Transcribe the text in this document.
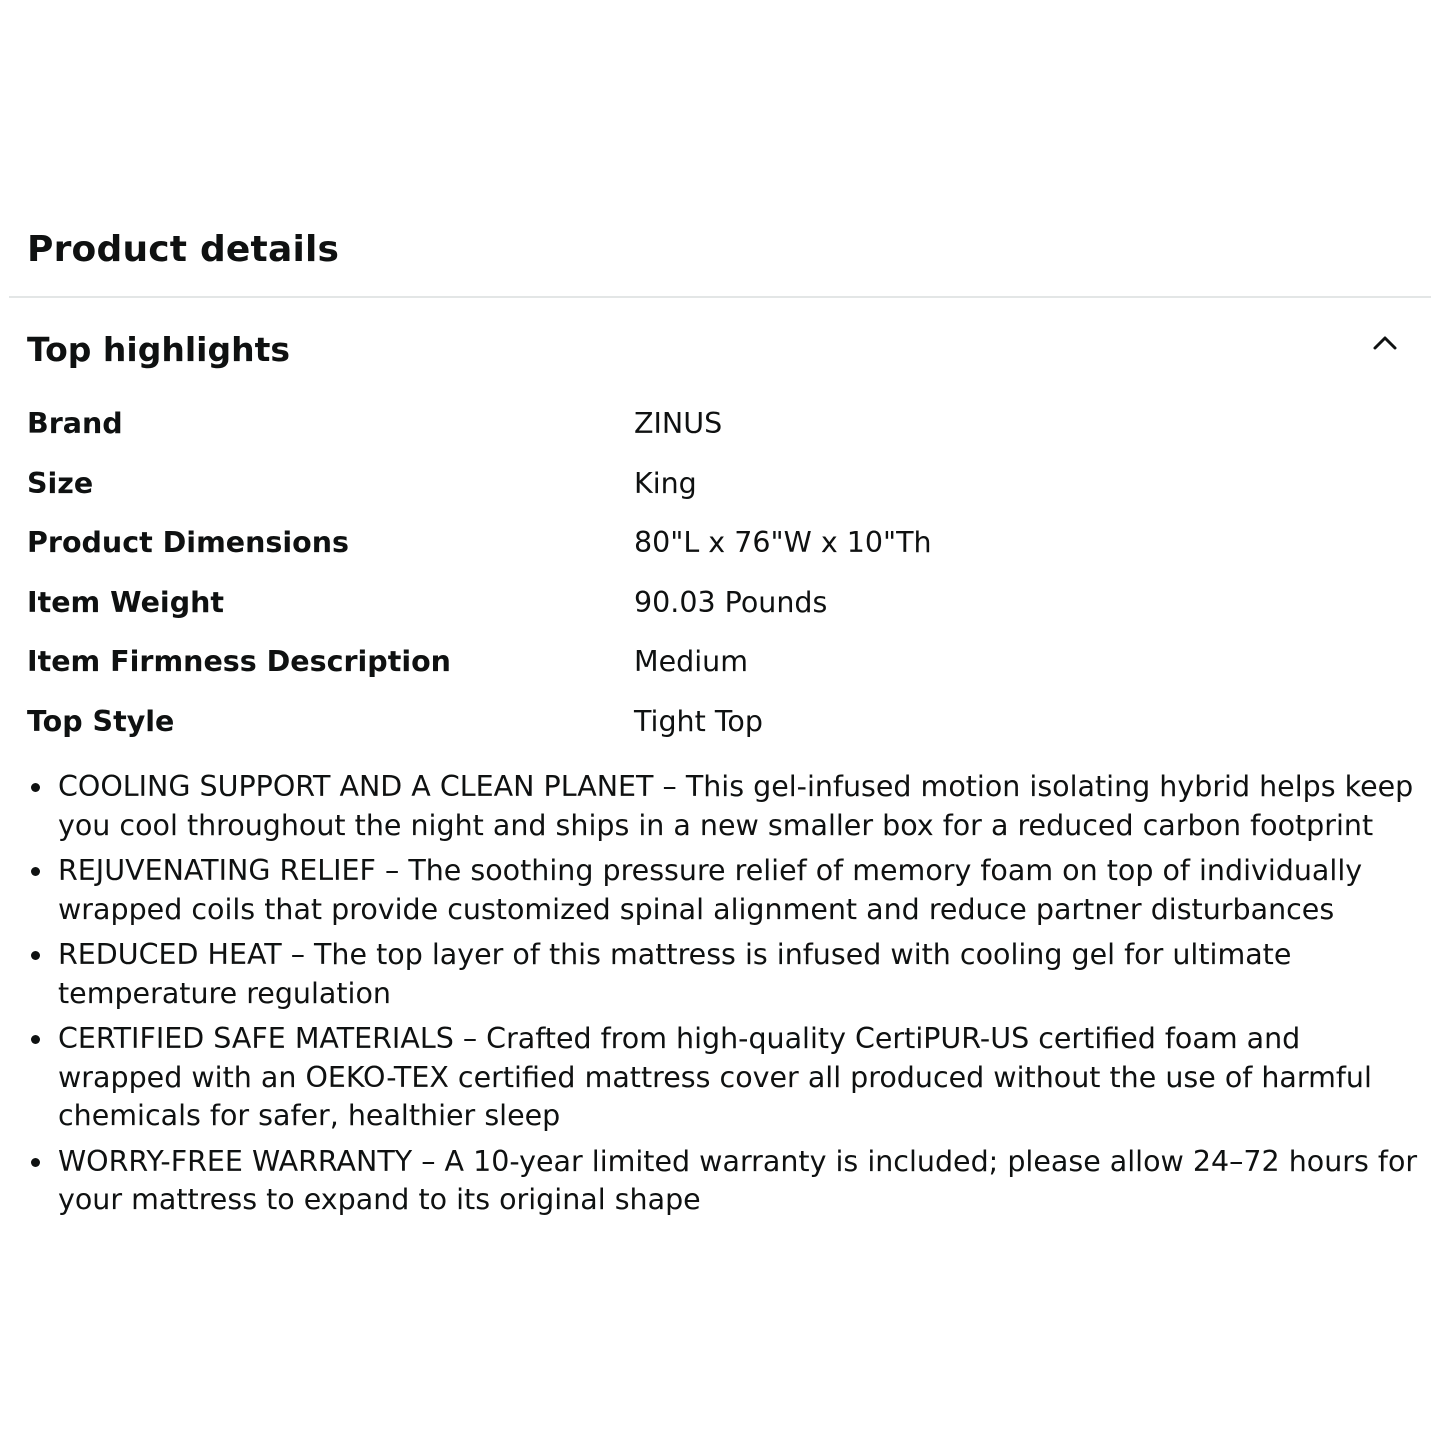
Product details
Top highlights
Brand	ZINUS
Size	King
Product Dimensions	80"L x 76"W x 10"Th
Item Weight	90.03 Pounds
Item Firmness Description	Medium
Top Style	Tight Top
COOLING SUPPORT AND A CLEAN PLANET – This gel-infused motion isolating hybrid helps keep you cool throughout the night and ships in a new smaller box for a reduced carbon footprint
REJUVENATING RELIEF – The soothing pressure relief of memory foam on top of individually wrapped coils that provide customized spinal alignment and reduce partner disturbances
REDUCED HEAT – The top layer of this mattress is infused with cooling gel for ultimate temperature regulation
CERTIFIED SAFE MATERIALS – Crafted from high-quality CertiPUR-US certified foam and wrapped with an OEKO-TEX certified mattress cover all produced without the use of harmful chemicals for safer, healthier sleep
WORRY-FREE WARRANTY – A 10-year limited warranty is included; please allow 24–72 hours for your mattress to expand to its original shape
